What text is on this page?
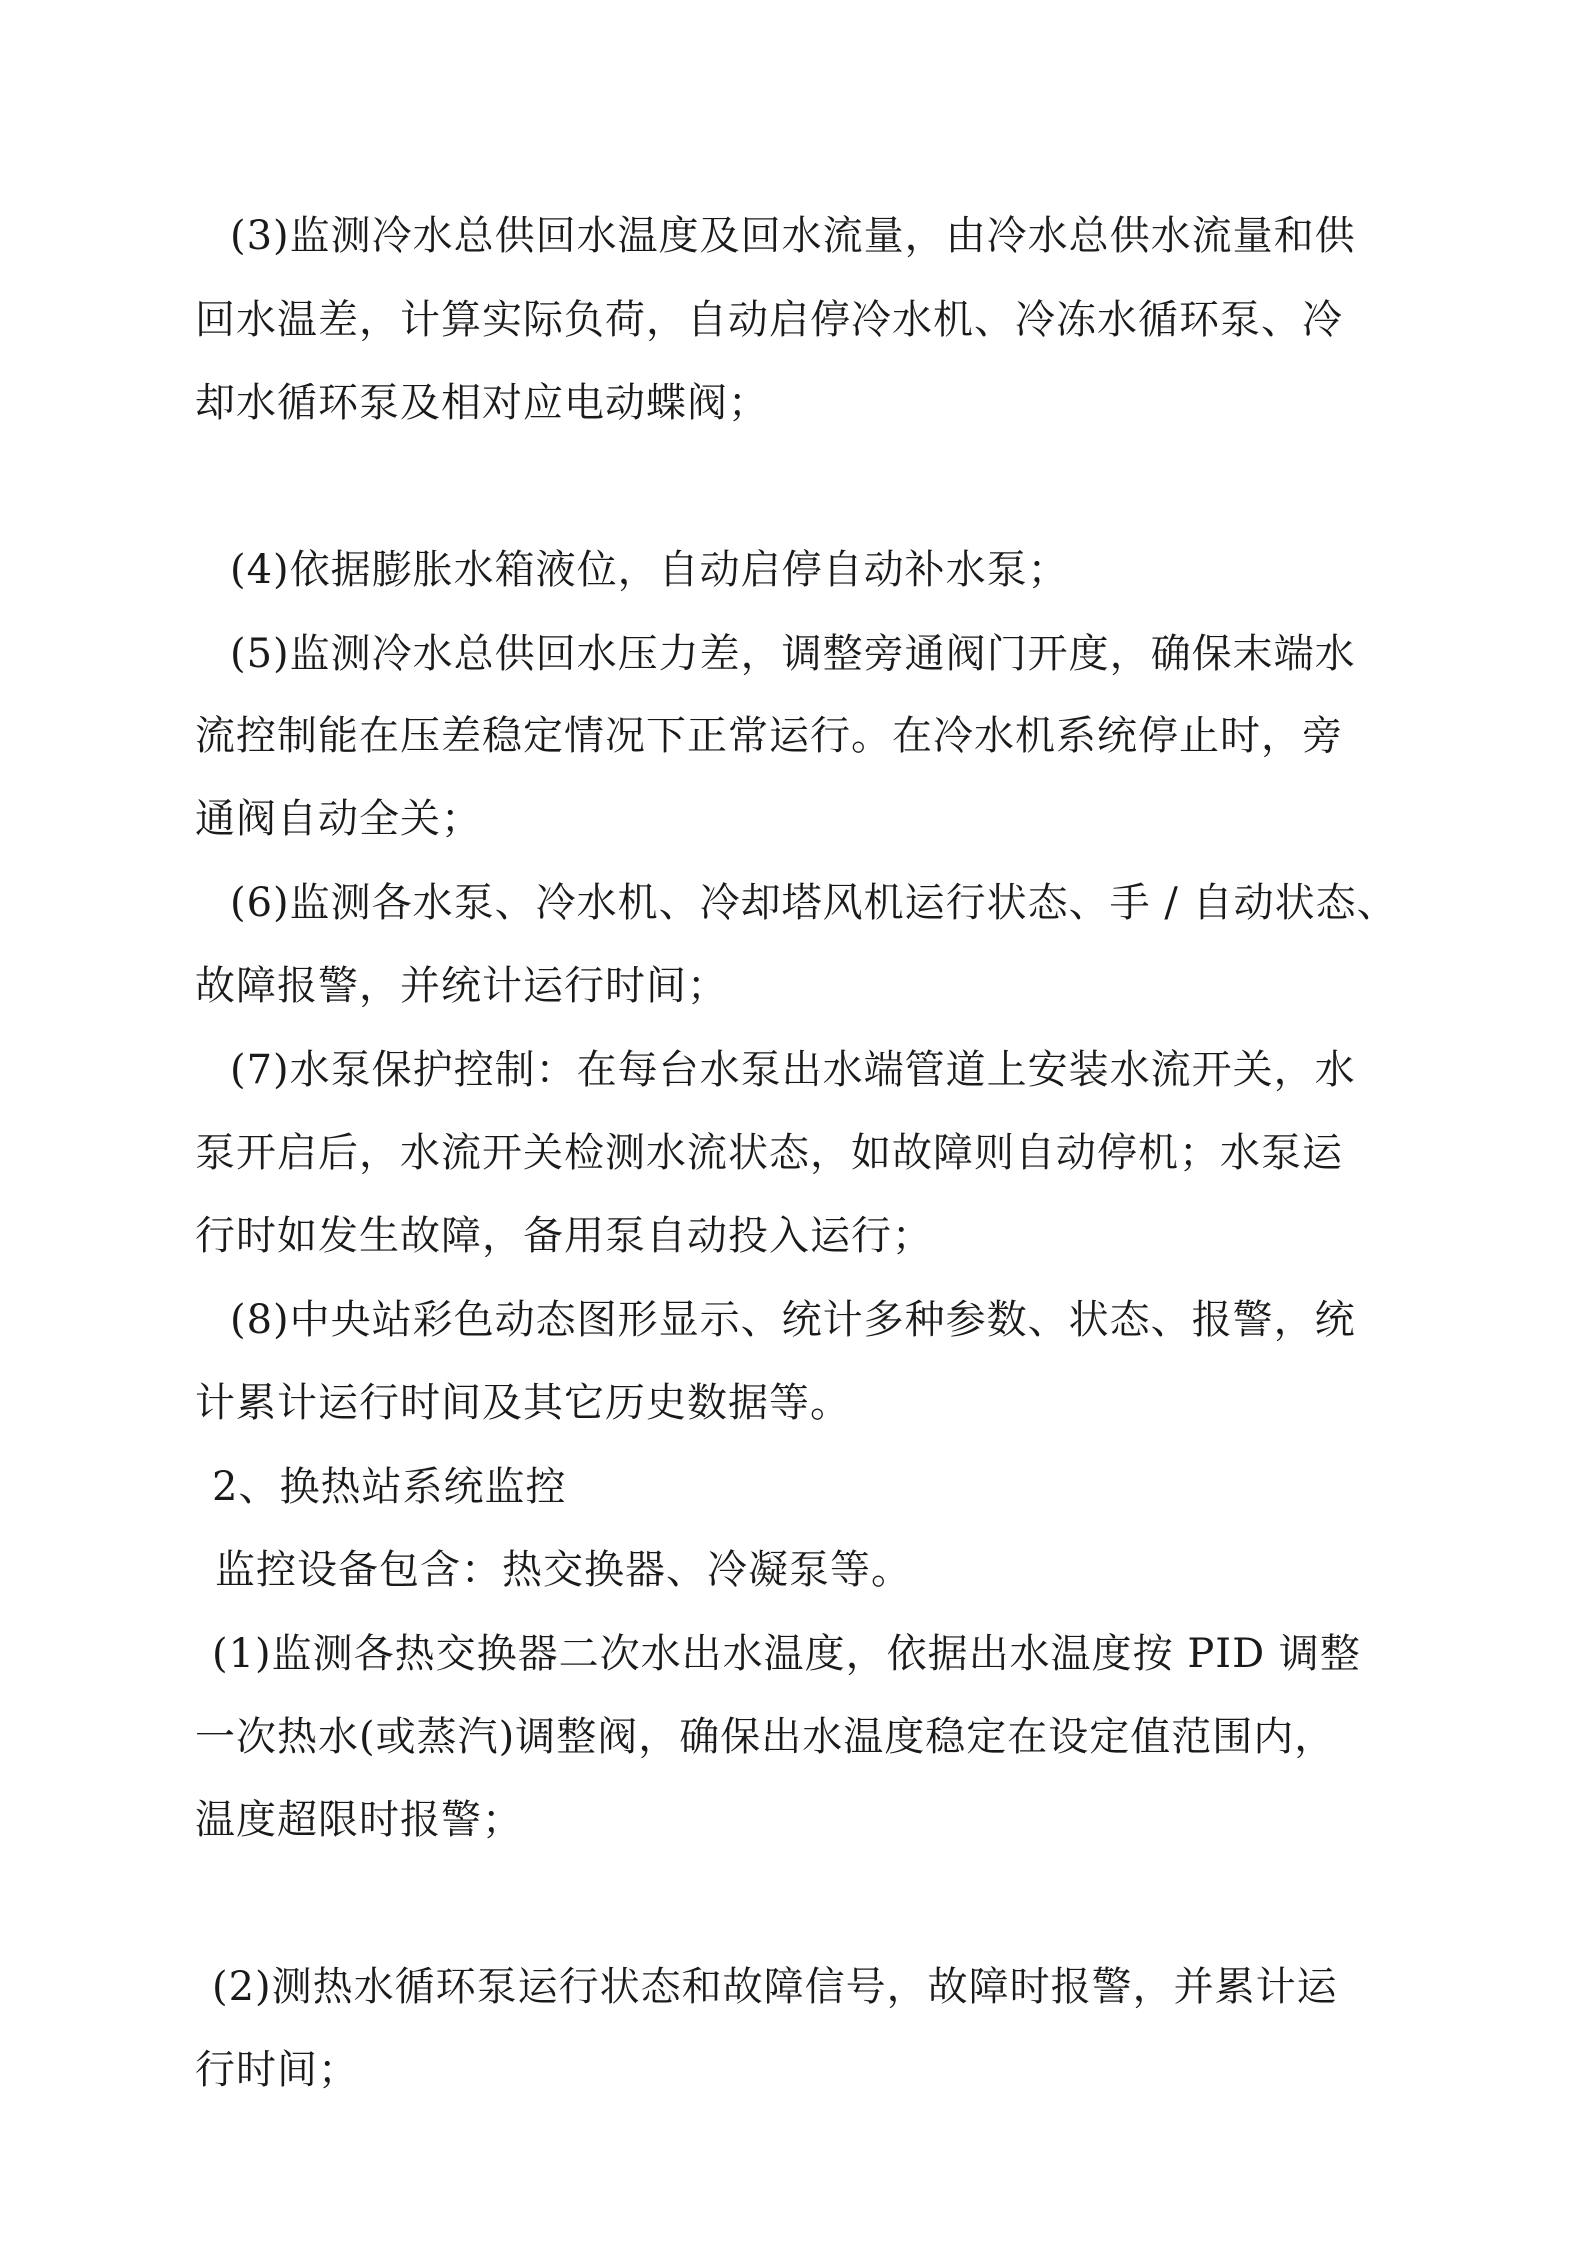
(3)监测冷水总供回水温度及回水流量，由冷水总供水流量和供
回水温差，计算实际负荷，自动启停冷水机、冷冻水循环泵、冷
却水循环泵及相对应电动蝶阀；
(4)依据膨胀水箱液位，自动启停自动补水泵；
(5)监测冷水总供回水压力差，调整旁通阀门开度，确保末端水
流控制能在压差稳定情况下正常运行。在冷水机系统停止时，旁
通阀自动全关；
(6)监测各水泵、冷水机、冷却塔风机运行状态、手 / 自动状态、
故障报警，并统计运行时间；
(7)水泵保护控制：在每台水泵出水端管道上安装水流开关，水
泵开启后，水流开关检测水流状态，如故障则自动停机；水泵运
行时如发生故障，备用泵自动投入运行；
(8)中央站彩色动态图形显示、统计多种参数、状态、报警，统
计累计运行时间及其它历史数据等。
2、换热站系统监控
监控设备包含：热交换器、冷凝泵等。
(1)监测各热交换器二次水出水温度，依据出水温度按 PID 调整
一次热水(或蒸汽)调整阀，确保出水温度稳定在设定值范围内，
温度超限时报警；
(2)测热水循环泵运行状态和故障信号，故障时报警，并累计运
行时间；
